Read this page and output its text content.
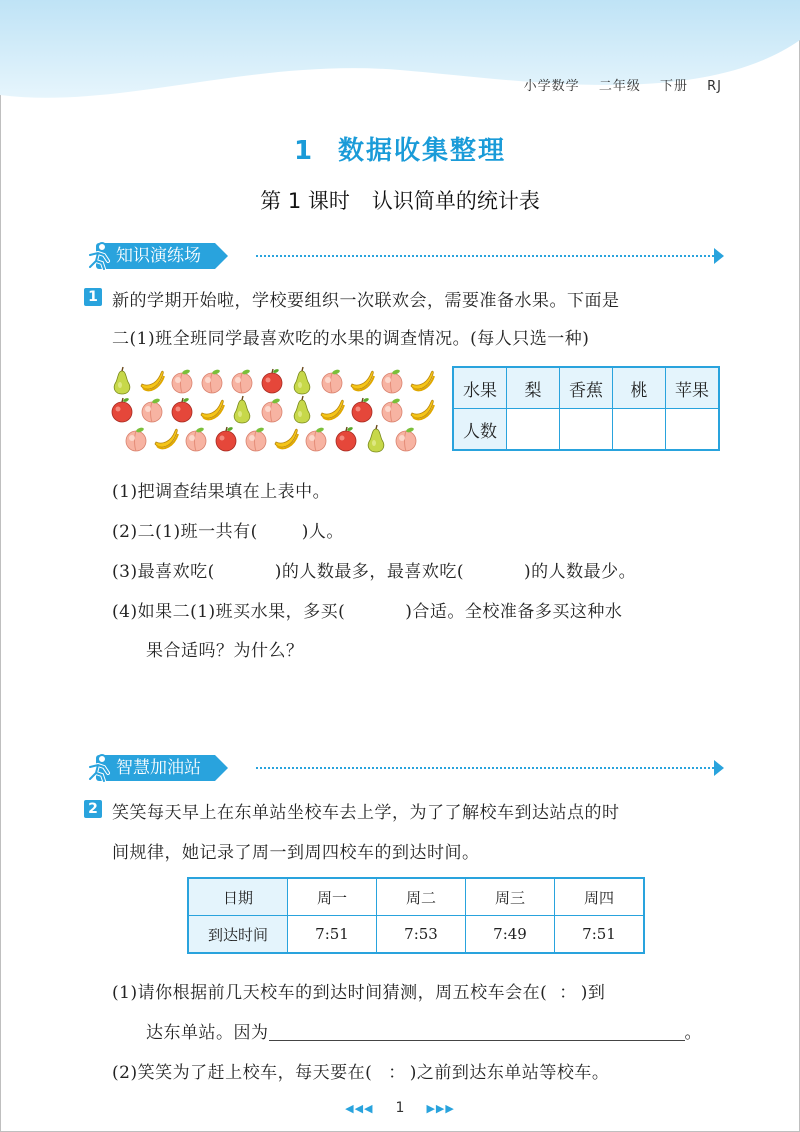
小学数学 二年级 下册 RJ
1 数据收集整理
第 1 课时 认识简单的统计表
知识演练场
1 新的学期开始啦，学校要组织一次联欢会，需要准备水果。下面是
二(1)班全班同学最喜欢吃的水果的调查情况。(每人只选一种)
水果	梨	香蕉	桃	苹果
人数				
(1)把调查结果填在上表中。
(2)二(1)班一共有(	)人。
(3)最喜欢吃(	)的人数最多，最喜欢吃(	)的人数最少。
(4)如果二(1)班买水果，多买(	)合适。全校准备多买这种水
果合适吗？为什么？
智慧加油站
2 笑笑每天早上在东单站坐校车去上学，为了了解校车到达站点的时
间规律，她记录了周一到周四校车的到达时间。
日期	周一	周二	周三	周四
到达时间	7:51	7:53	7:49	7:51
(1)请你根据前几天校车的到达时间猜测，周五校车会在( ： )到
达东单站。因为	。
(2)笑笑为了赶上校车，每天要在( ： )之前到达东单站等校车。
◀◀◀ 1 ▶▶▶
